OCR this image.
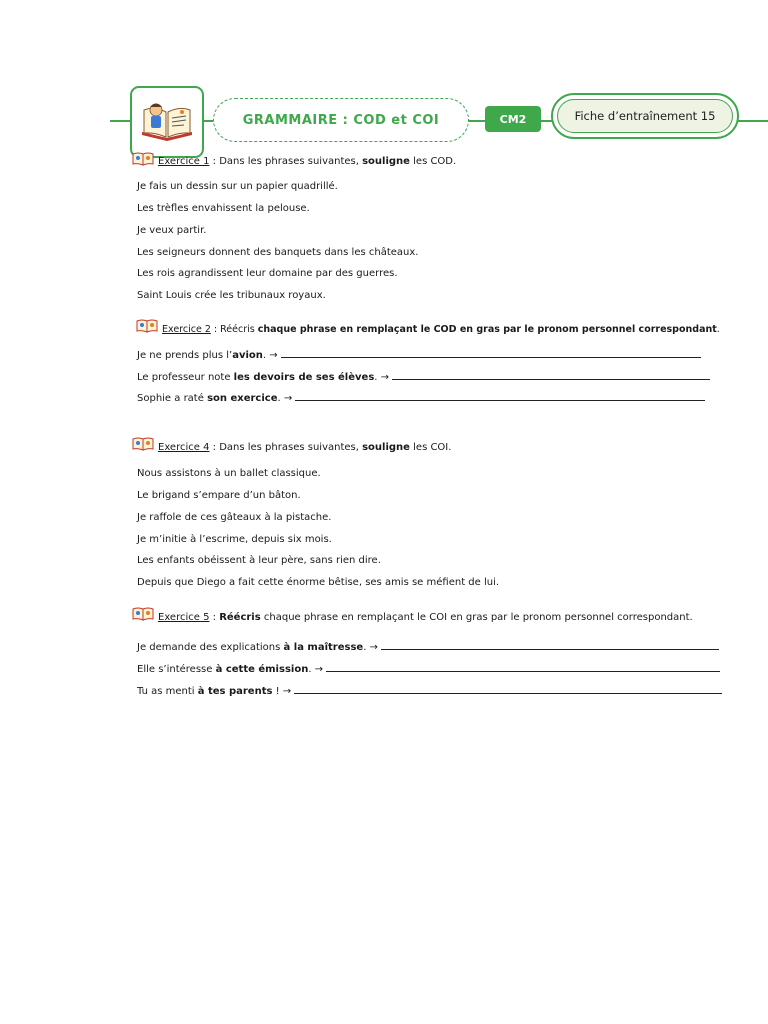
GRAMMAIRE : COD et COI	CM2	Fiche d’entraînement 15
Exercice 1 : Dans les phrases suivantes, souligne les COD.
Je fais un dessin sur un papier quadrillé.
Les trèfles envahissent la pelouse.
Je veux partir.
Les seigneurs donnent des banquets dans les châteaux.
Les rois agrandissent leur domaine par des guerres.
Saint Louis crée les tribunaux royaux.
Exercice 2 : Réécris chaque phrase en remplaçant le COD en gras par le pronom personnel correspondant.
Je ne prends plus l’avion. →
Le professeur note les devoirs de ses élèves. →
Sophie a raté son exercice. →
Exercice 4 : Dans les phrases suivantes, souligne les COI.
Nous assistons à un ballet classique.
Le brigand s’empare d’un bâton.
Je raffole de ces gâteaux à la pistache.
Je m’initie à l’escrime, depuis six mois.
Les enfants obéissent à leur père, sans rien dire.
Depuis que Diego a fait cette énorme bêtise, ses amis se méfient de lui.
Exercice 5 : Réécris chaque phrase en remplaçant le COI en gras par le pronom personnel correspondant.
Je demande des explications à la maîtresse. →
Elle s’intéresse à cette émission. →
Tu as menti à tes parents ! →
